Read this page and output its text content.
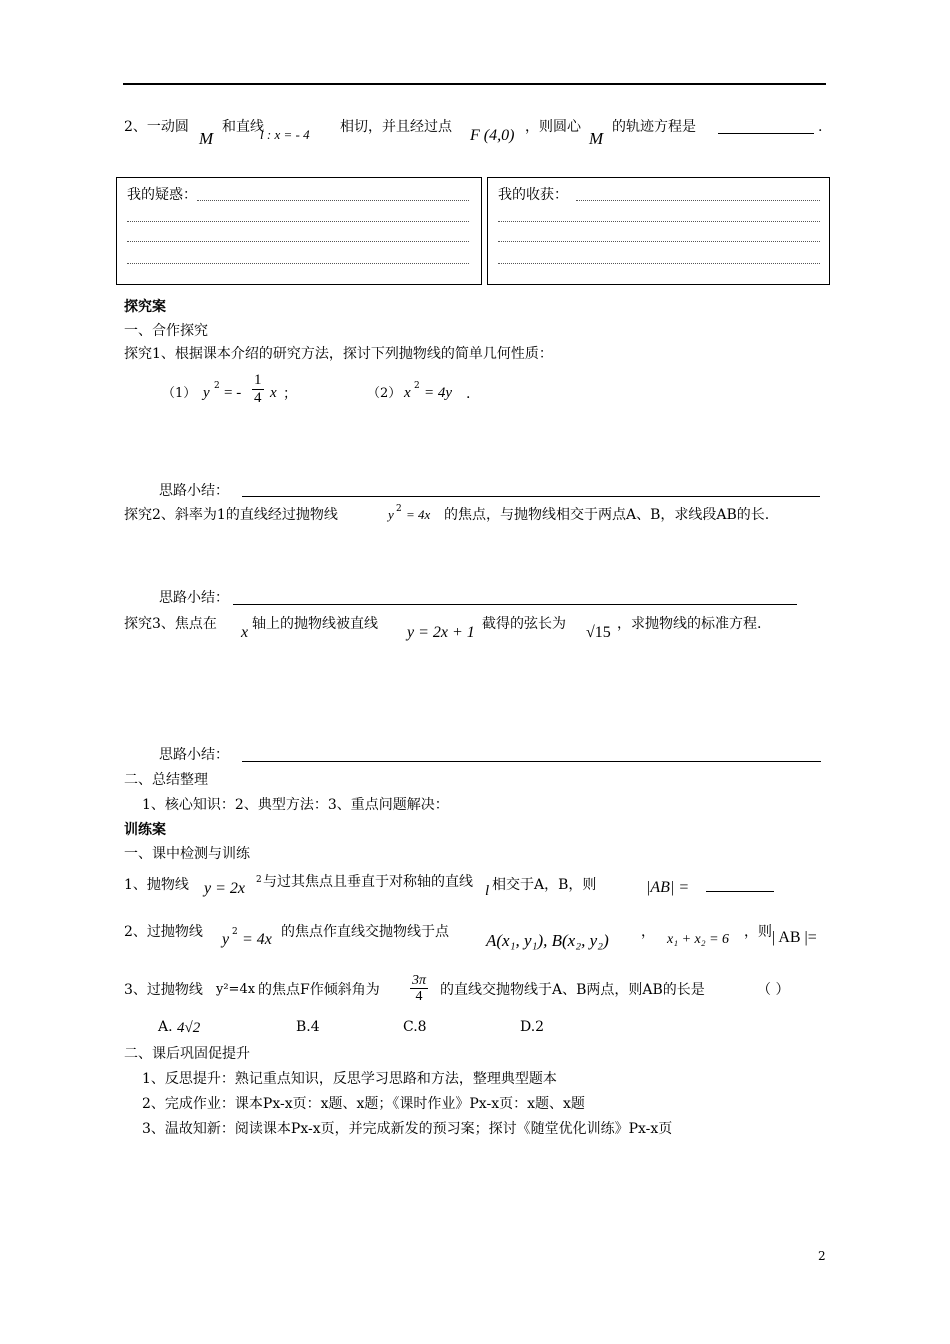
2、一动圆
M
和直线
l : x = - 4 相切，并且经过点 F (4,0) ，则圆心
M
的轨迹方程是	.
我的疑惑：	我的收获：
探究案
一、合作探究
探究1、根据课本介绍的研究方法，探讨下列抛物线的简单几何性质：
（1） y 2 = - $\frac{1}{4}$ x ；	（2） x 2 = 4y .
思路小结：
探究2、斜率为1的直线经过抛物线	y 2 = 4x 的焦点，与抛物线相交于两点A、B，求线段AB的长.
思路小结：
探究3、焦点在 x 轴上的抛物线被直线 y = 2x + 1 截得的弦长为 √15 ，求抛物线的标准方程.
思路小结：
二、总结整理
1、核心知识：2、典型方法：3、重点问题解决：
训练案
一、课中检测与训练
1、抛物线 y = 2x 2 与过其焦点且垂直于对称轴的直线
l 相交于A，B，则	|AB| =
2、过抛物线 y 2 = 4x 的焦点作直线交抛物线于点 A(x₁, y₁), B(x₂, y₂) ， x₁ + x₂ = 6 ，则 | AB |=
3、过抛物线 y²=4x 的焦点F作倾斜角为 $\frac{3\pi}{4}$ 的直线交抛物线于A、B两点，则AB的长是	（ ）
A. 4√2	B.4	C.8	D.2
二、课后巩固促提升
1、反思提升：熟记重点知识，反思学习思路和方法，整理典型题本
2、完成作业：课本Px-x页：x题、x题；《课时作业》Px-x页：x题、x题
3、温故知新：阅读课本Px-x页，并完成新发的预习案；探讨《随堂优化训练》Px-x页
2
